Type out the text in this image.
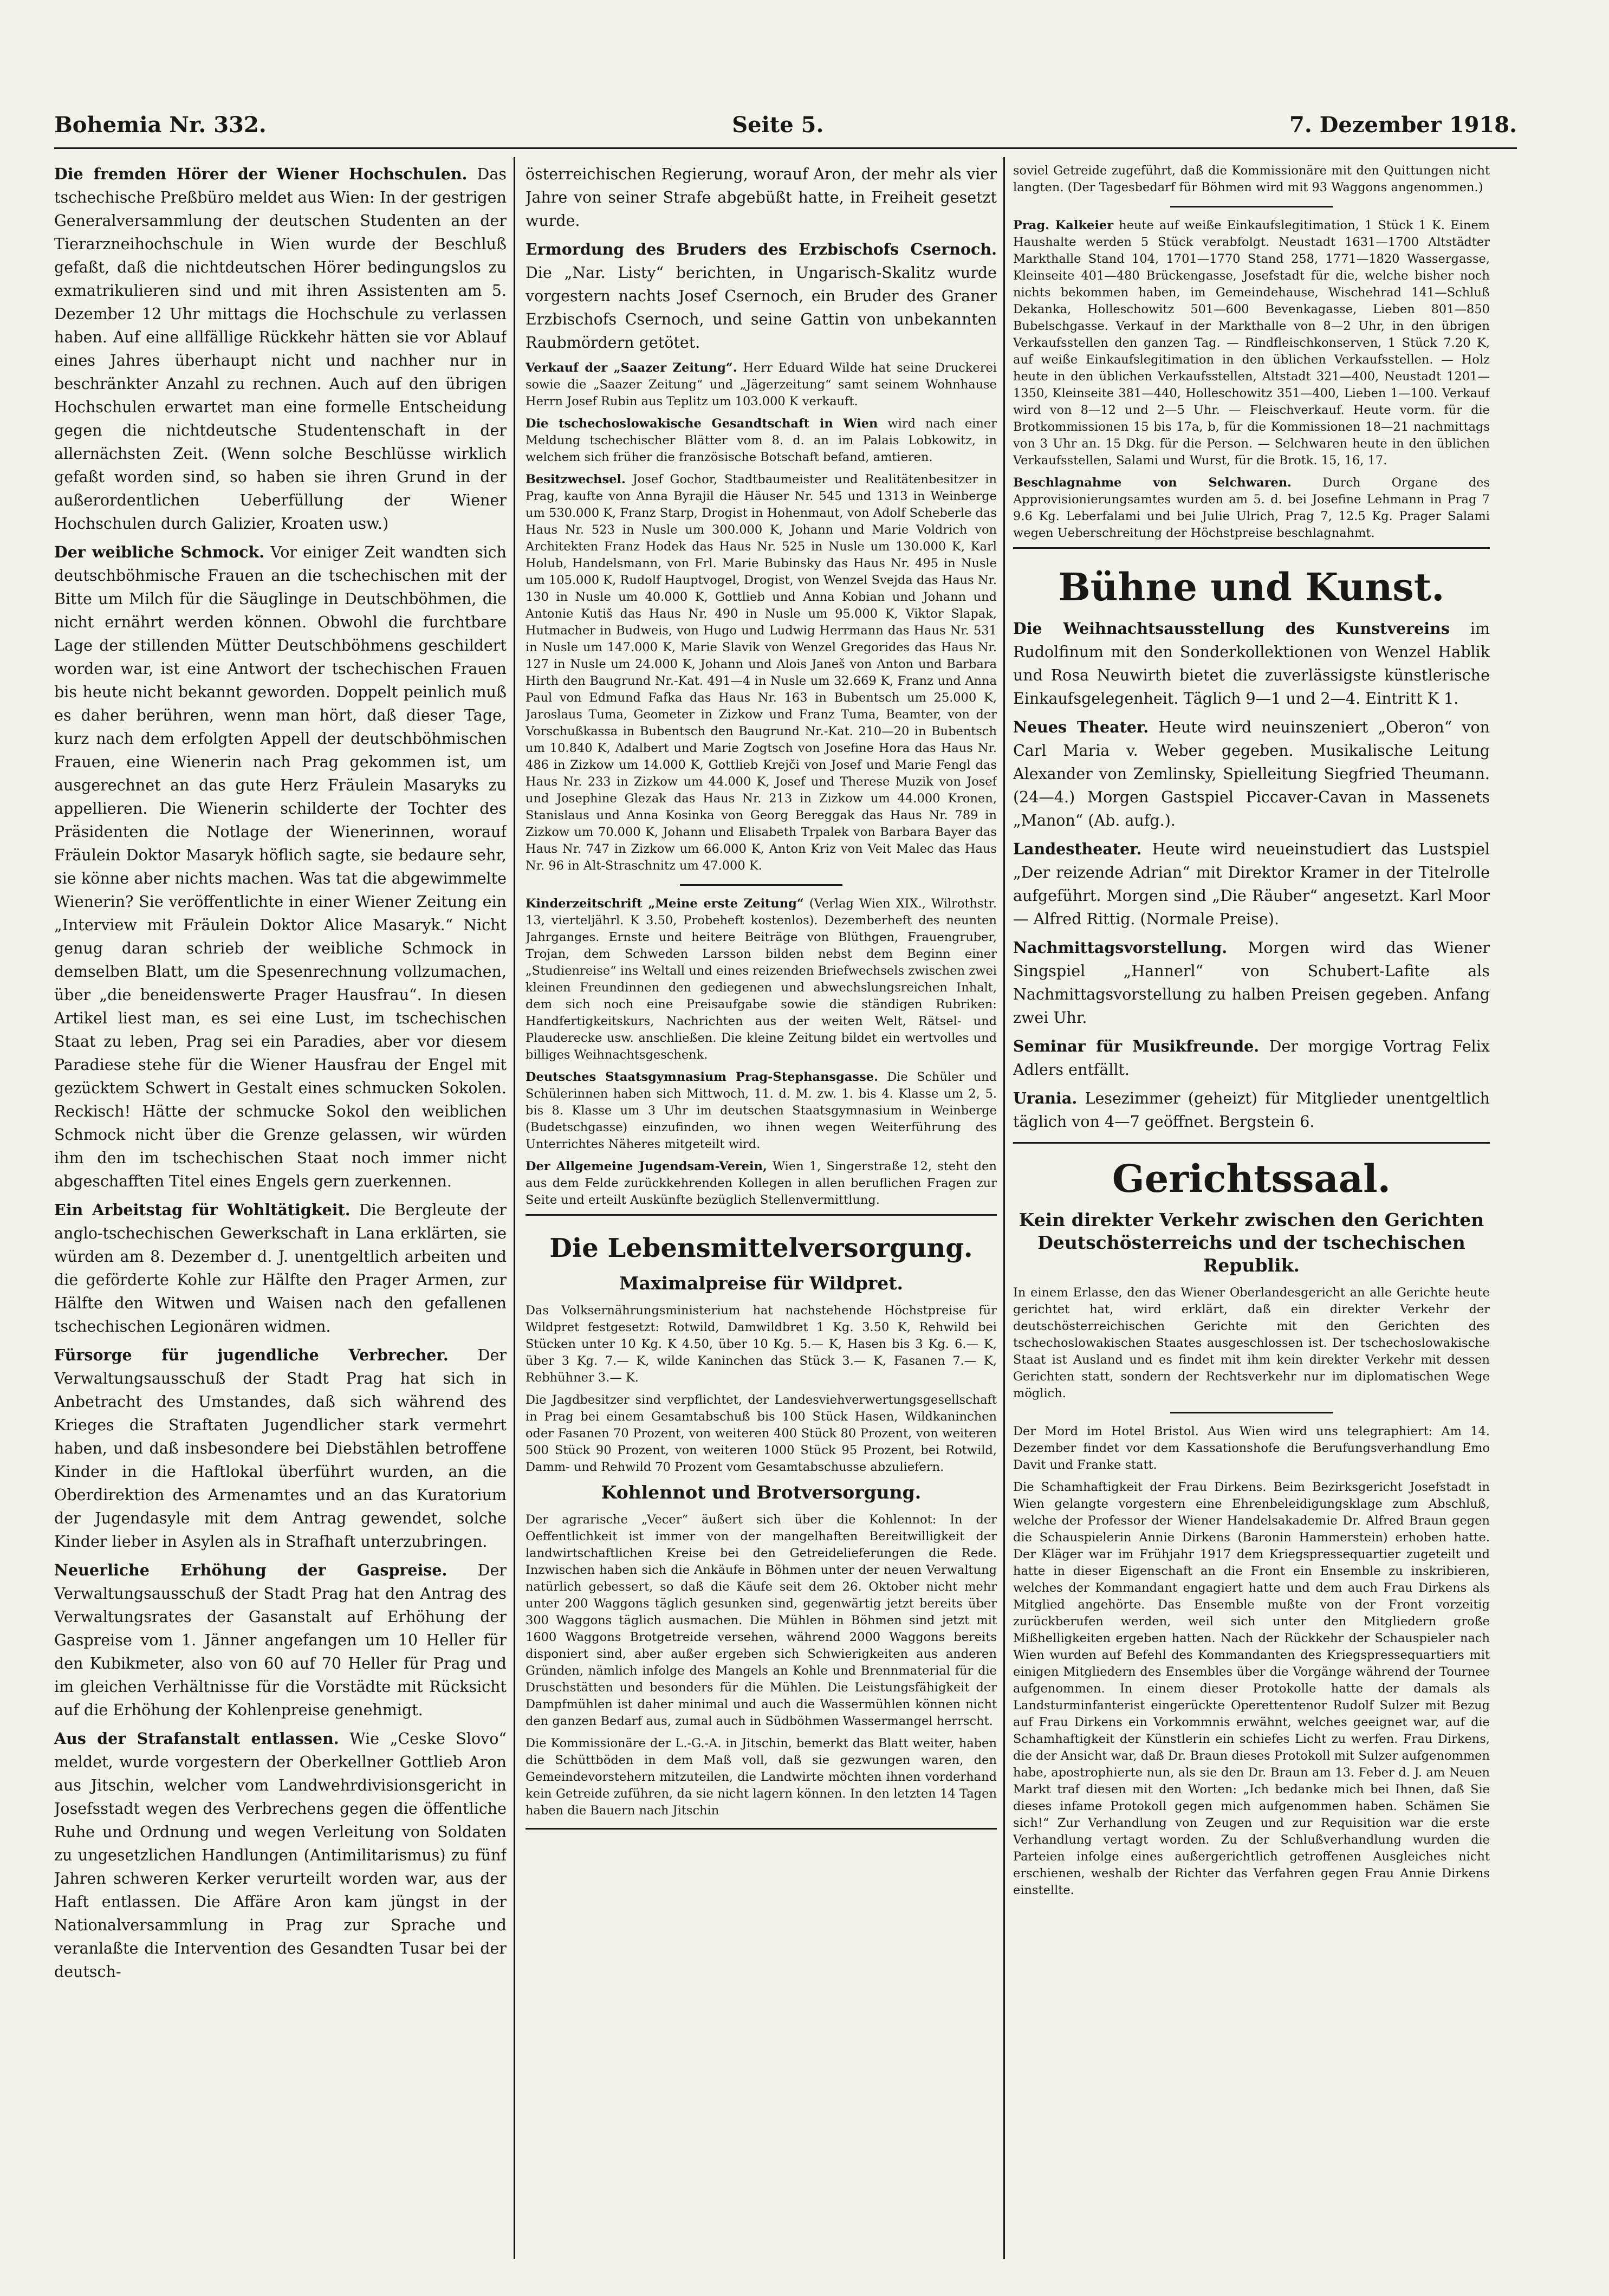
Bohemia Nr. 332.	Seite 5.	7. Dezember 1918.

Die fremden Hörer der Wiener Hochschulen. Das tschechische Preßbüro meldet aus Wien: In der gestrigen Generalversammlung der deutschen Studenten an der Tierarzneihochschule in Wien wurde der Beschluß gefaßt, daß die nichtdeutschen Hörer bedingungslos zu exmatrikulieren sind und mit ihren Assistenten am 5. Dezember 12 Uhr mittags die Hochschule zu verlassen haben. Auf eine allfällige Rückkehr hätten sie vor Ablauf eines Jahres überhaupt nicht und nachher nur in beschränkter Anzahl zu rechnen. Auch auf den übrigen Hochschulen erwartet man eine formelle Entscheidung gegen die nichtdeutsche Studentenschaft in der allernächsten Zeit. (Wenn solche Beschlüsse wirklich gefaßt worden sind, so haben sie ihren Grund in der außerordentlichen Ueberfüllung der Wiener Hochschulen durch Galizier, Kroaten usw.)

Der weibliche Schmock. Vor einiger Zeit wandten sich deutschböhmische Frauen an die tschechischen mit der Bitte um Milch für die Säuglinge in Deutschböhmen, die nicht ernährt werden können. Obwohl die furchtbare Lage der stillenden Mütter Deutschböhmens geschildert worden war, ist eine Antwort der tschechischen Frauen bis heute nicht bekannt geworden. Doppelt peinlich muß es daher berühren, wenn man hört, daß dieser Tage, kurz nach dem erfolgten Appell der deutschböhmischen Frauen, eine Wienerin nach Prag gekommen ist, um ausgerechnet an das gute Herz Fräulein Masaryks zu appellieren. Die Wienerin schilderte der Tochter des Präsidenten die Notlage der Wienerinnen, worauf Fräulein Doktor Masaryk höflich sagte, sie bedaure sehr, sie könne aber nichts machen. Was tat die abgewimmelte Wienerin? Sie veröffentlichte in einer Wiener Zeitung ein „Interview mit Fräulein Doktor Alice Masaryk.“ Nicht genug daran schrieb der weibliche Schmock in demselben Blatt, um die Spesenrechnung vollzumachen, über „die beneidenswerte Prager Hausfrau“. In diesen Artikel liest man, es sei eine Lust, im tschechischen Staat zu leben, Prag sei ein Paradies, aber vor diesem Paradiese stehe für die Wiener Hausfrau der Engel mit gezücktem Schwert in Gestalt eines schmucken Sokolen. Reckisch! Hätte der schmucke Sokol den weiblichen Schmock nicht über die Grenze gelassen, wir würden ihm den im tschechischen Staat noch immer nicht abgeschafften Titel eines Engels gern zuerkennen.

Ein Arbeitstag für Wohltätigkeit. Die Bergleute der anglo-tschechischen Gewerkschaft in Lana erklärten, sie würden am 8. Dezember d. J. unentgeltlich arbeiten und die geförderte Kohle zur Hälfte den Prager Armen, zur Hälfte den Witwen und Waisen nach den gefallenen tschechischen Legionären widmen.

Fürsorge für jugendliche Verbrecher. Der Verwaltungsausschuß der Stadt Prag hat sich in Anbetracht des Umstandes, daß sich während des Krieges die Straftaten Jugendlicher stark vermehrt haben, und daß insbesondere bei Diebstählen betroffene Kinder in die Haftlokal überführt wurden, an die Oberdirektion des Armenamtes und an das Kuratorium der Jugendasyle mit dem Antrag gewendet, solche Kinder lieber in Asylen als in Strafhaft unterzubringen.

Neuerliche Erhöhung der Gaspreise. Der Verwaltungsausschuß der Stadt Prag hat den Antrag des Verwaltungsrates der Gasanstalt auf Erhöhung der Gaspreise vom 1. Jänner angefangen um 10 Heller für den Kubikmeter, also von 60 auf 70 Heller für Prag und im gleichen Verhältnisse für die Vorstädte mit Rücksicht auf die Erhöhung der Kohlenpreise genehmigt.

Aus der Strafanstalt entlassen. Wie „Ceske Slovo“ meldet, wurde vorgestern der Oberkellner Gottlieb Aron aus Jitschin, welcher vom Landwehrdivisionsgericht in Josefsstadt wegen des Verbrechens gegen die öffentliche Ruhe und Ordnung und wegen Verleitung von Soldaten zu ungesetzlichen Handlungen (Antimilitarismus) zu fünf Jahren schweren Kerker verurteilt worden war, aus der Haft entlassen. Die Affäre Aron kam jüngst in der Nationalversammlung in Prag zur Sprache und veranlaßte die Intervention des Gesandten Tusar bei der deutsch-

österreichischen Regierung, worauf Aron, der mehr als vier Jahre von seiner Strafe abgebüßt hatte, in Freiheit gesetzt wurde.

Ermordung des Bruders des Erzbischofs Csernoch. Die „Nar. Listy“ berichten, in Ungarisch-Skalitz wurde vorgestern nachts Josef Csernoch, ein Bruder des Graner Erzbischofs Csernoch, und seine Gattin von unbekannten Raubmördern getötet.

Verkauf der „Saazer Zeitung“. Herr Eduard Wilde hat seine Druckerei sowie die „Saazer Zeitung“ und „Jägerzeitung“ samt seinem Wohnhause Herrn Josef Rubin aus Teplitz um 103.000 K verkauft.

Die tschechoslowakische Gesandtschaft in Wien wird nach einer Meldung tschechischer Blätter vom 8. d. an im Palais Lobkowitz, in welchem sich früher die französische Botschaft befand, amtieren.

Besitzwechsel. Josef Gochor, Stadtbaumeister und Realitätenbesitzer in Prag, kaufte von Anna Byrajil die Häuser Nr. 545 und 1313 in Weinberge um 530.000 K, Franz Starp, Drogist in Hohenmaut, von Adolf Scheberle das Haus Nr. 523 in Nusle um 300.000 K, Johann und Marie Voldrich von Architekten Franz Hodek das Haus Nr. 525 in Nusle um 130.000 K, Karl Holub, Handelsmann, von Frl. Marie Bubinsky das Haus Nr. 495 in Nusle um 105.000 K, Rudolf Hauptvogel, Drogist, von Wenzel Svejda das Haus Nr. 130 in Nusle um 40.000 K, Gottlieb und Anna Kobian und Johann und Antonie Kutiš das Haus Nr. 490 in Nusle um 95.000 K, Viktor Slapak, Hutmacher in Budweis, von Hugo und Ludwig Herrmann das Haus Nr. 531 in Nusle um 147.000 K, Marie Slavik von Wenzel Gregorides das Haus Nr. 127 in Nusle um 24.000 K, Johann und Alois Janeš von Anton und Barbara Hirth den Baugrund Nr.-Kat. 491—4 in Nusle um 32.669 K, Franz und Anna Paul von Edmund Fafka das Haus Nr. 163 in Bubentsch um 25.000 K, Jaroslaus Tuma, Geometer in Zizkow und Franz Tuma, Beamter, von der Vorschußkassa in Bubentsch den Baugrund Nr.-Kat. 210—20 in Bubentsch um 10.840 K, Adalbert und Marie Zogtsch von Josefine Hora das Haus Nr. 486 in Zizkow um 14.000 K, Gottlieb Krejči von Josef und Marie Fengl das Haus Nr. 233 in Zizkow um 44.000 K, Josef und Therese Muzik von Josef und Josephine Glezak das Haus Nr. 213 in Zizkow um 44.000 Kronen, Stanislaus und Anna Kosinka von Georg Bereggak das Haus Nr. 789 in Zizkow um 70.000 K, Johann und Elisabeth Trpalek von Barbara Bayer das Haus Nr. 747 in Zizkow um 66.000 K, Anton Kriz von Veit Malec das Haus Nr. 96 in Alt-Straschnitz um 47.000 K.

Kinderzeitschrift „Meine erste Zeitung“ (Verlag Wien XIX., Wilrothstr. 13, vierteljährl. K 3.50, Probeheft kostenlos). Dezemberheft des neunten Jahrganges. Ernste und heitere Beiträge von Blüthgen, Frauengruber, Trojan, dem Schweden Larsson bilden nebst dem Beginn einer „Studienreise“ ins Weltall und eines reizenden Briefwechsels zwischen zwei kleinen Freundinnen den gediegenen und abwechslungsreichen Inhalt, dem sich noch eine Preisaufgabe sowie die ständigen Rubriken: Handfertigkeitskurs, Nachrichten aus der weiten Welt, Rätsel- und Plauderecke usw. anschließen. Die kleine Zeitung bildet ein wertvolles und billiges Weihnachtsgeschenk.

Deutsches Staatsgymnasium Prag-Stephansgasse. Die Schüler und Schülerinnen haben sich Mittwoch, 11. d. M. zw. 1. bis 4. Klasse um 2, 5. bis 8. Klasse um 3 Uhr im deutschen Staatsgymnasium in Weinberge (Budetschgasse) einzufinden, wo ihnen wegen Weiterführung des Unterrichtes Näheres mitgeteilt wird.

Der Allgemeine Jugendsam-Verein, Wien 1, Singerstraße 12, steht den aus dem Felde zurückkehrenden Kollegen in allen beruflichen Fragen zur Seite und erteilt Auskünfte bezüglich Stellenvermittlung.

Die Lebensmittelversorgung.
Maximalpreise für Wildpret.

Das Volksernährungsministerium hat nachstehende Höchstpreise für Wildpret festgesetzt: Rotwild, Damwildbret 1 Kg. 3.50 K, Rehwild bei Stücken unter 10 Kg. K 4.50, über 10 Kg. 5.— K, Hasen bis 3 Kg. 6.— K, über 3 Kg. 7.— K, wilde Kaninchen das Stück 3.— K, Fasanen 7.— K, Rebhühner 3.— K.

Die Jagdbesitzer sind verpflichtet, der Landesviehverwertungsgesellschaft in Prag bei einem Gesamtabschuß bis 100 Stück Hasen, Wildkaninchen oder Fasanen 70 Prozent, von weiteren 400 Stück 80 Prozent, von weiteren 500 Stück 90 Prozent, von weiteren 1000 Stück 95 Prozent, bei Rotwild, Damm- und Rehwild 70 Prozent vom Gesamtabschusse abzuliefern.

Kohlennot und Brotversorgung.

Der agrarische „Vecer“ äußert sich über die Kohlennot: In der Oeffentlichkeit ist immer von der mangelhaften Bereitwilligkeit der landwirtschaftlichen Kreise bei den Getreidelieferungen die Rede. Inzwischen haben sich die Ankäufe in Böhmen unter der neuen Verwaltung natürlich gebessert, so daß die Käufe seit dem 26. Oktober nicht mehr unter 200 Waggons täglich gesunken sind, gegenwärtig jetzt bereits über 300 Waggons täglich ausmachen. Die Mühlen in Böhmen sind jetzt mit 1600 Waggons Brotgetreide versehen, während 2000 Waggons bereits disponiert sind, aber außer ergeben sich Schwierigkeiten aus anderen Gründen, nämlich infolge des Mangels an Kohle und Brennmaterial für die Druschstätten und besonders für die Mühlen. Die Leistungsfähigkeit der Dampfmühlen ist daher minimal und auch die Wassermühlen können nicht den ganzen Bedarf aus, zumal auch in Südböhmen Wassermangel herrscht.

Die Kommissionäre der L.-G.-A. in Jitschin, bemerkt das Blatt weiter, haben die Schüttböden in dem Maß voll, daß sie gezwungen waren, den Gemeindevorstehern mitzuteilen, die Landwirte möchten ihnen vorderhand kein Getreide zuführen, da sie nicht lagern können. In den letzten 14 Tagen haben die Bauern nach Jitschin

soviel Getreide zugeführt, daß die Kommissionäre mit den Quittungen nicht langten. (Der Tagesbedarf für Böhmen wird mit 93 Waggons angenommen.)

Prag. Kalkeier heute auf weiße Einkaufslegitimation, 1 Stück 1 K. Einem Haushalte werden 5 Stück verabfolgt. Neustadt 1631—1700 Altstädter Markthalle Stand 104, 1701—1770 Stand 258, 1771—1820 Wassergasse, Kleinseite 401—480 Brückengasse, Josefstadt für die, welche bisher noch nichts bekommen haben, im Gemeindehause, Wischehrad 141—Schluß Dekanka, Holleschowitz 501—600 Bevenkagasse, Lieben 801—850 Bubelschgasse. Verkauf in der Markthalle von 8—2 Uhr, in den übrigen Verkaufsstellen den ganzen Tag. — Rindfleischkonserven, 1 Stück 7.20 K, auf weiße Einkaufslegitimation in den üblichen Verkaufsstellen. — Holz heute in den üblichen Verkaufsstellen, Altstadt 321—400, Neustadt 1201—1350, Kleinseite 381—440, Holleschowitz 351—400, Lieben 1—100. Verkauf wird von 8—12 und 2—5 Uhr. — Fleischverkauf. Heute vorm. für die Brotkommissionen 15 bis 17a, b, für die Kommissionen 18—21 nachmittags von 3 Uhr an. 15 Dkg. für die Person. — Selchwaren heute in den üblichen Verkaufsstellen, Salami und Wurst, für die Brotk. 15, 16, 17.

Beschlagnahme von Selchwaren.	Durch Organe des Approvisionierungsamtes wurden am 5. d. bei Josefine Lehmann in Prag 7 9.6 Kg. Leberfalami und bei Julie Ulrich, Prag 7, 12.5 Kg. Prager Salami wegen Ueberschreitung der Höchstpreise beschlagnahmt.

Bühne und Kunst.

Die Weihnachtsausstellung des Kunstvereins im Rudolfinum mit den Sonderkollektionen von Wenzel Hablik und Rosa Neuwirth bietet die zuverlässigste künstlerische Einkaufsgelegenheit. Täglich 9—1 und 2—4. Eintritt K 1.

Neues Theater. Heute wird neuinszeniert „Oberon“ von Carl Maria v. Weber gegeben. Musikalische Leitung Alexander von Zemlinsky, Spielleitung Siegfried Theumann. (24—4.) Morgen Gastspiel Piccaver-Cavan in Massenets „Manon“ (Ab. aufg.).

Landestheater. Heute wird neueinstudiert das Lustspiel „Der reizende Adrian“ mit Direktor Kramer in der Titelrolle aufgeführt. Morgen sind „Die Räuber“ angesetzt. Karl Moor — Alfred Rittig. (Normale Preise).

Nachmittagsvorstellung. Morgen wird das Wiener Singspiel „Hannerl“ von Schubert-Lafite als Nachmittagsvorstellung zu halben Preisen gegeben. Anfang zwei Uhr.

Seminar für Musikfreunde. Der morgige Vortrag Felix Adlers entfällt.

Urania. Lesezimmer (geheizt) für Mitglieder unentgeltlich täglich von 4—7 geöffnet. Bergstein 6.

Gerichtssaal.
Kein direkter Verkehr zwischen den Gerichten Deutschösterreichs und der tschechischen Republik.

In einem Erlasse, den das Wiener Oberlandesgericht an alle Gerichte heute gerichtet hat, wird erklärt, daß ein direkter Verkehr der deutschösterreichischen Gerichte mit den Gerichten des tschechoslowakischen Staates ausgeschlossen ist. Der tschechoslowakische Staat ist Ausland und es findet mit ihm kein direkter Verkehr mit dessen Gerichten statt, sondern der Rechtsverkehr nur im diplomatischen Wege möglich.

Der Mord im Hotel Bristol. Aus Wien wird uns telegraphiert: Am 14. Dezember findet vor dem Kassationshofe die Berufungsverhandlung Emo Davit und Franke statt.

Die Schamhaftigkeit der Frau Dirkens. Beim Bezirksgericht Josefstadt in Wien gelangte vorgestern eine Ehrenbeleidigungsklage zum Abschluß, welche der Professor der Wiener Handelsakademie Dr. Alfred Braun gegen die Schauspielerin Annie Dirkens (Baronin Hammerstein) erhoben hatte. Der Kläger war im Frühjahr 1917 dem Kriegspressequartier zugeteilt und hatte in dieser Eigenschaft an die Front ein Ensemble zu inskribieren, welches der Kommandant engagiert hatte und dem auch Frau Dirkens als Mitglied angehörte. Das Ensemble mußte von der Front vorzeitig zurückberufen werden, weil sich unter den Mitgliedern große Mißhelligkeiten ergeben hatten. Nach der Rückkehr der Schauspieler nach Wien wurden auf Befehl des Kommandanten des Kriegspressequartiers mit einigen Mitgliedern des Ensembles über die Vorgänge während der Tournee aufgenommen. In einem dieser Protokolle hatte der damals als Landsturminfanterist eingerückte Operettentenor Rudolf Sulzer mit Bezug auf Frau Dirkens ein Vorkommnis erwähnt, welches geeignet war, auf die Schamhaftigkeit der Künstlerin ein schiefes Licht zu werfen. Frau Dirkens, die der Ansicht war, daß Dr. Braun dieses Protokoll mit Sulzer aufgenommen habe, apostrophierte nun, als sie den Dr. Braun am 13. Feber d. J. am Neuen Markt traf diesen mit den Worten: „Ich bedanke mich bei Ihnen, daß Sie dieses infame Protokoll gegen mich aufgenommen haben. Schämen Sie sich!“ Zur Verhandlung von Zeugen und zur Requisition war die erste Verhandlung vertagt worden. Zu der Schlußverhandlung wurden die Parteien infolge eines außergerichtlich getroffenen Ausgleiches nicht erschienen, weshalb der Richter das Verfahren gegen Frau Annie Dirkens einstellte.
